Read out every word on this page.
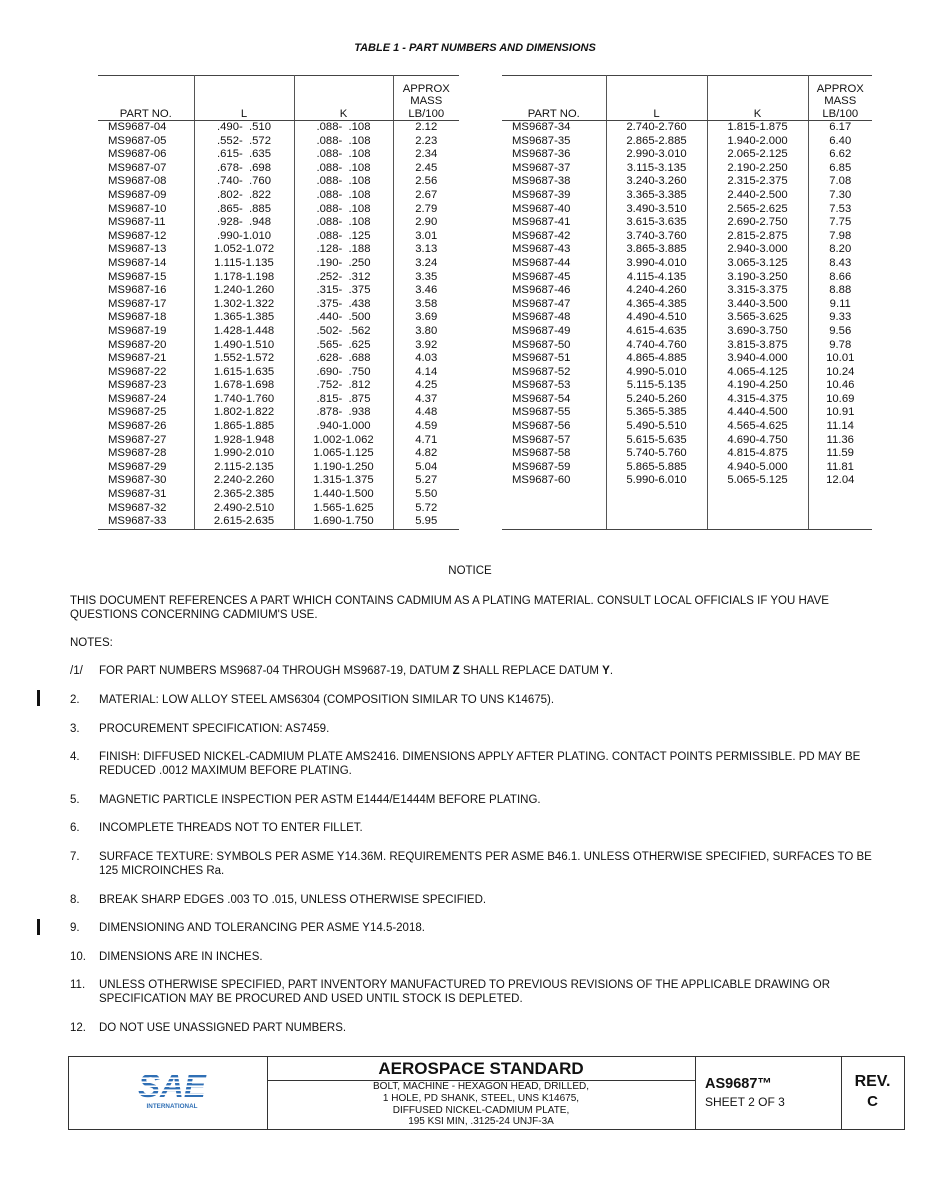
TABLE 1 - PART NUMBERS AND DIMENSIONS
PART NO.	L	K	APPROX
MASS
LB/100

MS9687-04	.490-  .510	.088-  .108	2.12
MS9687-05	.552-  .572	.088-  .108	2.23
MS9687-06	.615-  .635	.088-  .108	2.34
MS9687-07	.678-  .698	.088-  .108	2.45
MS9687-08	.740-  .760	.088-  .108	2.56
MS9687-09	.802-  .822	.088-  .108	2.67
MS9687-10	.865-  .885	.088-  .108	2.79
MS9687-11	.928-  .948	.088-  .108	2.90
MS9687-12	.990-1.010	.088-  .125	3.01
MS9687-13	1.052-1.072	.128-  .188	3.13
MS9687-14	1.115-1.135	.190-  .250	3.24
MS9687-15	1.178-1.198	.252-  .312	3.35
MS9687-16	1.240-1.260	.315-  .375	3.46
MS9687-17	1.302-1.322	.375-  .438	3.58
MS9687-18	1.365-1.385	.440-  .500	3.69
MS9687-19	1.428-1.448	.502-  .562	3.80
MS9687-20	1.490-1.510	.565-  .625	3.92
MS9687-21	1.552-1.572	.628-  .688	4.03
MS9687-22	1.615-1.635	.690-  .750	4.14
MS9687-23	1.678-1.698	.752-  .812	4.25
MS9687-24	1.740-1.760	.815-  .875	4.37
MS9687-25	1.802-1.822	.878-  .938	4.48
MS9687-26	1.865-1.885	.940-1.000	4.59
MS9687-27	1.928-1.948	1.002-1.062	4.71
MS9687-28	1.990-2.010	1.065-1.125	4.82
MS9687-29	2.115-2.135	1.190-1.250	5.04
MS9687-30	2.240-2.260	1.315-1.375	5.27
MS9687-31	2.365-2.385	1.440-1.500	5.50
MS9687-32	2.490-2.510	1.565-1.625	5.72
MS9687-33	2.615-2.635	1.690-1.750	5.95
PART NO.	L	K	APPROX
MASS
LB/100

MS9687-34	2.740-2.760	1.815-1.875	6.17
MS9687-35	2.865-2.885	1.940-2.000	6.40
MS9687-36	2.990-3.010	2.065-2.125	6.62
MS9687-37	3.115-3.135	2.190-2.250	6.85
MS9687-38	3.240-3.260	2.315-2.375	7.08
MS9687-39	3.365-3.385	2.440-2.500	7.30
MS9687-40	3.490-3.510	2.565-2.625	7.53
MS9687-41	3.615-3.635	2.690-2.750	7.75
MS9687-42	3.740-3.760	2.815-2.875	7.98
MS9687-43	3.865-3.885	2.940-3.000	8.20
MS9687-44	3.990-4.010	3.065-3.125	8.43
MS9687-45	4.115-4.135	3.190-3.250	8.66
MS9687-46	4.240-4.260	3.315-3.375	8.88
MS9687-47	4.365-4.385	3.440-3.500	9.11
MS9687-48	4.490-4.510	3.565-3.625	9.33
MS9687-49	4.615-4.635	3.690-3.750	9.56
MS9687-50	4.740-4.760	3.815-3.875	9.78
MS9687-51	4.865-4.885	3.940-4.000	10.01
MS9687-52	4.990-5.010	4.065-4.125	10.24
MS9687-53	5.115-5.135	4.190-4.250	10.46
MS9687-54	5.240-5.260	4.315-4.375	10.69
MS9687-55	5.365-5.385	4.440-4.500	10.91
MS9687-56	5.490-5.510	4.565-4.625	11.14
MS9687-57	5.615-5.635	4.690-4.750	11.36
MS9687-58	5.740-5.760	4.815-4.875	11.59
MS9687-59	5.865-5.885	4.940-5.000	11.81
MS9687-60	5.990-6.010	5.065-5.125	12.04

NOTICE
THIS DOCUMENT REFERENCES A PART WHICH CONTAINS CADMIUM AS A PLATING MATERIAL. CONSULT LOCAL OFFICIALS IF YOU HAVE QUESTIONS CONCERNING CADMIUM'S USE.
NOTES:
/1/	FOR PART NUMBERS MS9687-04 THROUGH MS9687-19, DATUM Z SHALL REPLACE DATUM Y.
2.	MATERIAL: LOW ALLOY STEEL AMS6304 (COMPOSITION SIMILAR TO UNS K14675).
3.	PROCUREMENT SPECIFICATION: AS7459.
4.	FINISH: DIFFUSED NICKEL-CADMIUM PLATE AMS2416. DIMENSIONS APPLY AFTER PLATING. CONTACT POINTS PERMISSIBLE. PD MAY BE REDUCED .0012 MAXIMUM BEFORE PLATING.
5.	MAGNETIC PARTICLE INSPECTION PER ASTM E1444/E1444M BEFORE PLATING.
6.	INCOMPLETE THREADS NOT TO ENTER FILLET.
7.	SURFACE TEXTURE: SYMBOLS PER ASME Y14.36M. REQUIREMENTS PER ASME B46.1. UNLESS OTHERWISE SPECIFIED, SURFACES TO BE 125 MICROINCHES Ra.
8.	BREAK SHARP EDGES .003 TO .015, UNLESS OTHERWISE SPECIFIED.
9.	DIMENSIONING AND TOLERANCING PER ASME Y14.5-2018.
10.	DIMENSIONS ARE IN INCHES.
11.	UNLESS OTHERWISE SPECIFIED, PART INVENTORY MANUFACTURED TO PREVIOUS REVISIONS OF THE APPLICABLE DRAWING OR SPECIFICATION MAY BE PROCURED AND USED UNTIL STOCK IS DEPLETED.
12.	DO NOT USE UNASSIGNED PART NUMBERS.
SAE
INTERNATIONAL
AEROSPACE STANDARD
BOLT, MACHINE - HEXAGON HEAD, DRILLED,
1 HOLE, PD SHANK, STEEL, UNS K14675,
DIFFUSED NICKEL-CADMIUM PLATE,
195 KSI MIN, .3125-24 UNJF-3A
AS9687™
SHEET 2 OF 3
REV.
C
